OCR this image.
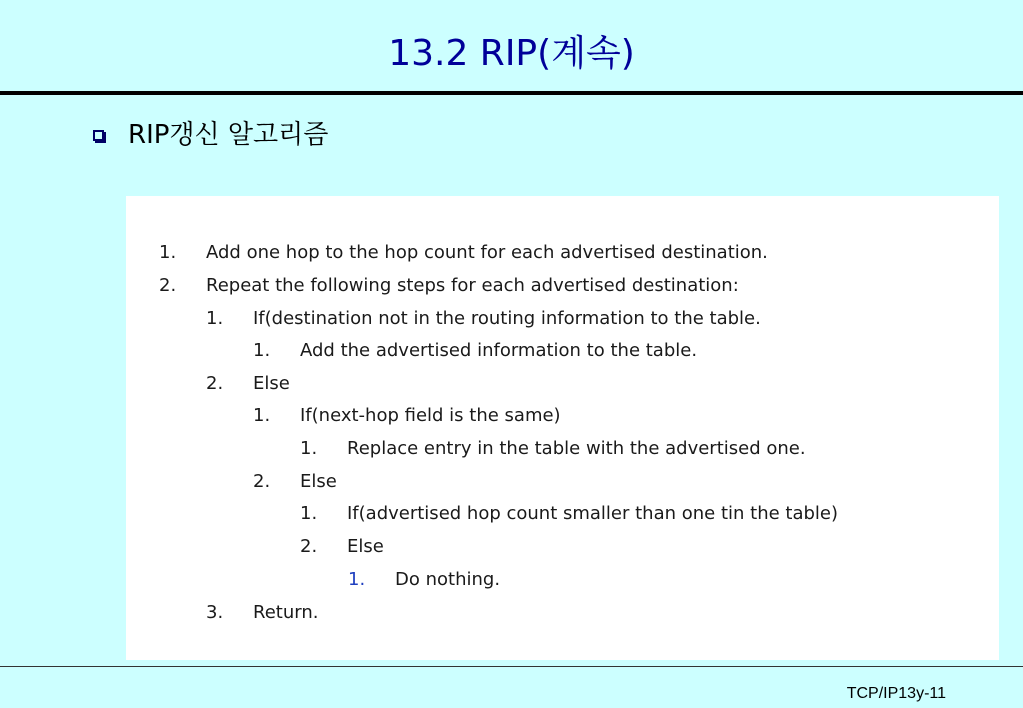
13.2 RIP(계속)
RIP갱신 알고리즘
1. Add one hop to the hop count for each advertised destination.
2. Repeat the following steps for each advertised destination:
1. If(destination not in the routing information to the table.
1. Add the advertised information to the table.
2. Else
1. If(next-hop field is the same)
1. Replace entry in the table with the advertised one.
2. Else
1. If(advertised hop count smaller than one tin the table)
2. Else
1. Do nothing.
3. Return.
TCP/IP13y-11
